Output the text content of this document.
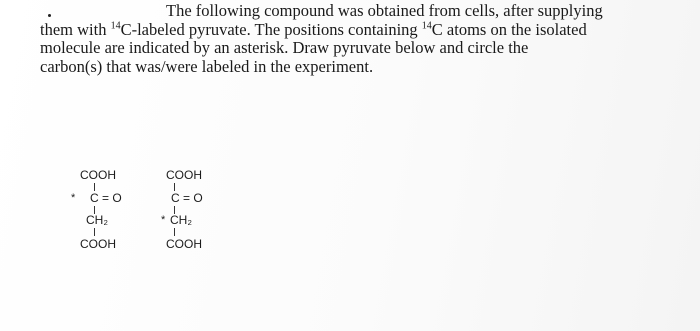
The following compound was obtained from cells, after supplying
them with $^{14}$C-labeled pyruvate. The positions containing $^{14}$C atoms on the isolated
molecule are indicated by an asterisk. Draw pyruvate below and circle the
carbon(s) that was/were labeled in the experiment.
COOH
* C = O
CH₂
COOH
COOH
C = O
* CH₂
COOH
